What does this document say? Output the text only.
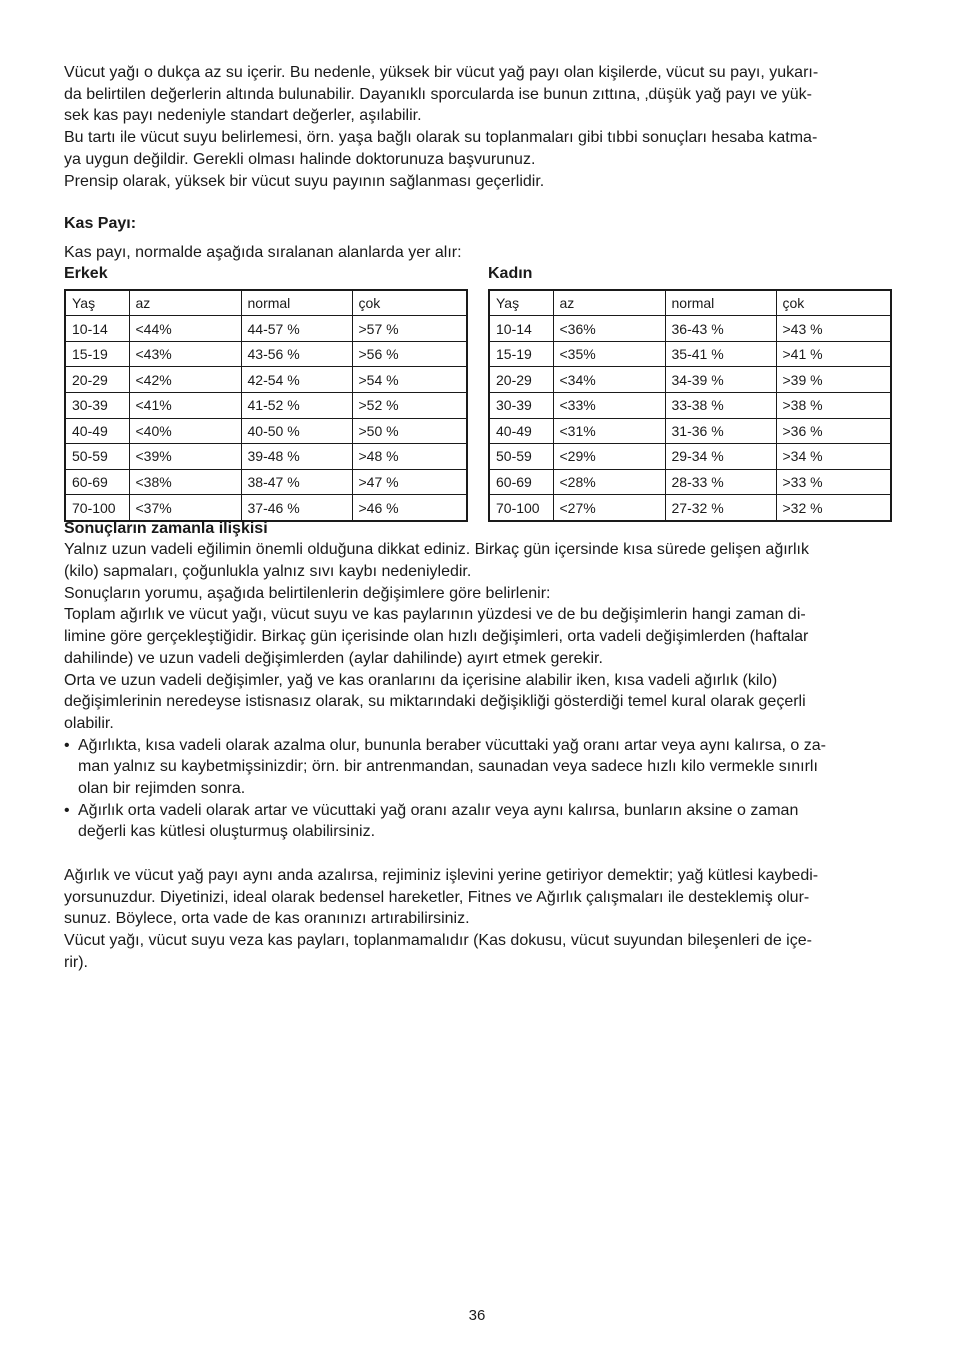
Vücut yağı o dukça az su içerir. Bu nedenle, yüksek bir vücut yağ payı olan kişilerde, vücut su payı, yukarı-
da belirtilen değerlerin altında bulunabilir. Dayanıklı sporcularda ise bunun zıttına, ‚düşük yağ payı ve yük-
sek kas payı nedeniyle standart değerler, aşılabilir.
Bu tartı ile vücut suyu belirlemesi, örn. yaşa bağlı olarak su toplanmaları gibi tıbbi sonuçları hesaba katma-
ya uygun değildir. Gerekli olması halinde doktorunuza başvurunuz.
Prensip olarak, yüksek bir vücut suyu payının sağlanması geçerlidir.

Kas Payı:

Kas payı, normalde aşağıda sıralanan alanlarda yer alır:

Erkek
Yaş	az	normal	çok
10-14	<44%	44-57 %	>57 %
15-19	<43%	43-56 %	>56 %
20-29	<42%	42-54 %	>54 %
30-39	<41%	41-52 %	>52 %
40-49	<40%	40-50 %	>50 %
50-59	<39%	39-48 %	>48 %
60-69	<38%	38-47 %	>47 %
70-100	<37%	37-46 %	>46 %
Kadın
Yaş	az	normal	çok
10-14	<36%	36-43 %	>43 %
15-19	<35%	35-41 %	>41 %
20-29	<34%	34-39 %	>39 %
30-39	<33%	33-38 %	>38 %
40-49	<31%	31-36 %	>36 %
50-59	<29%	29-34 %	>34 %
60-69	<28%	28-33 %	>33 %
70-100	<27%	27-32 %	>32 %
Sonuçların zamanla ilişkisi

Yalnız uzun vadeli eğilimin önemli olduğuna dikkat ediniz. Birkaç gün içersinde kısa sürede gelişen ağırlık
(kilo) sapmaları, çoğunlukla yalnız sıvı kaybı nedeniyledir.
Sonuçların yorumu, aşağıda belirtilenlerin değişimlere göre belirlenir:
Toplam ağırlık ve vücut yağı, vücut suyu ve kas paylarının yüzdesi ve de bu değişimlerin hangi zaman di-
limine göre gerçekleştiğidir. Birkaç gün içerisinde olan hızlı değişimleri, orta vadeli değişimlerden (haftalar
dahilinde) ve uzun vadeli değişimlerden (aylar dahilinde) ayırt etmek gerekir.
Orta ve uzun vadeli değişimler, yağ ve kas oranlarını da içerisine alabilir iken, kısa vadeli ağırlık (kilo)
değişimlerinin neredeyse istisnasız olarak, su miktarındaki değişikliği gösterdiği temel kural olarak geçerli
olabilir.

• Ağırlıkta, kısa vadeli olarak azalma olur, bununla beraber vücuttaki yağ oranı artar veya aynı kalırsa, o za-
man yalnız su kaybetmişsinizdir; örn. bir antrenmandan, saunadan veya sadece hızlı kilo vermekle sınırlı
olan bir rejimden sonra.
• Ağırlık orta vadeli olarak artar ve vücuttaki yağ oranı azalır veya aynı kalırsa, bunların aksine o zaman
değerli kas kütlesi oluşturmuş olabilirsiniz.

Ağırlık ve vücut yağ payı aynı anda azalırsa, rejiminiz işlevini yerine getiriyor demektir; yağ kütlesi kaybedi-
yorsunuzdur. Diyetinizi, ideal olarak bedensel hareketler, Fitnes ve Ağırlık çalışmaları ile desteklemiş olur-
sunuz. Böylece, orta vade de kas oranınızı artırabilirsiniz.
Vücut yağı, vücut suyu veza kas payları, toplanmamalıdır (Kas dokusu, vücut suyundan bileşenleri de içe-
rir).

36
